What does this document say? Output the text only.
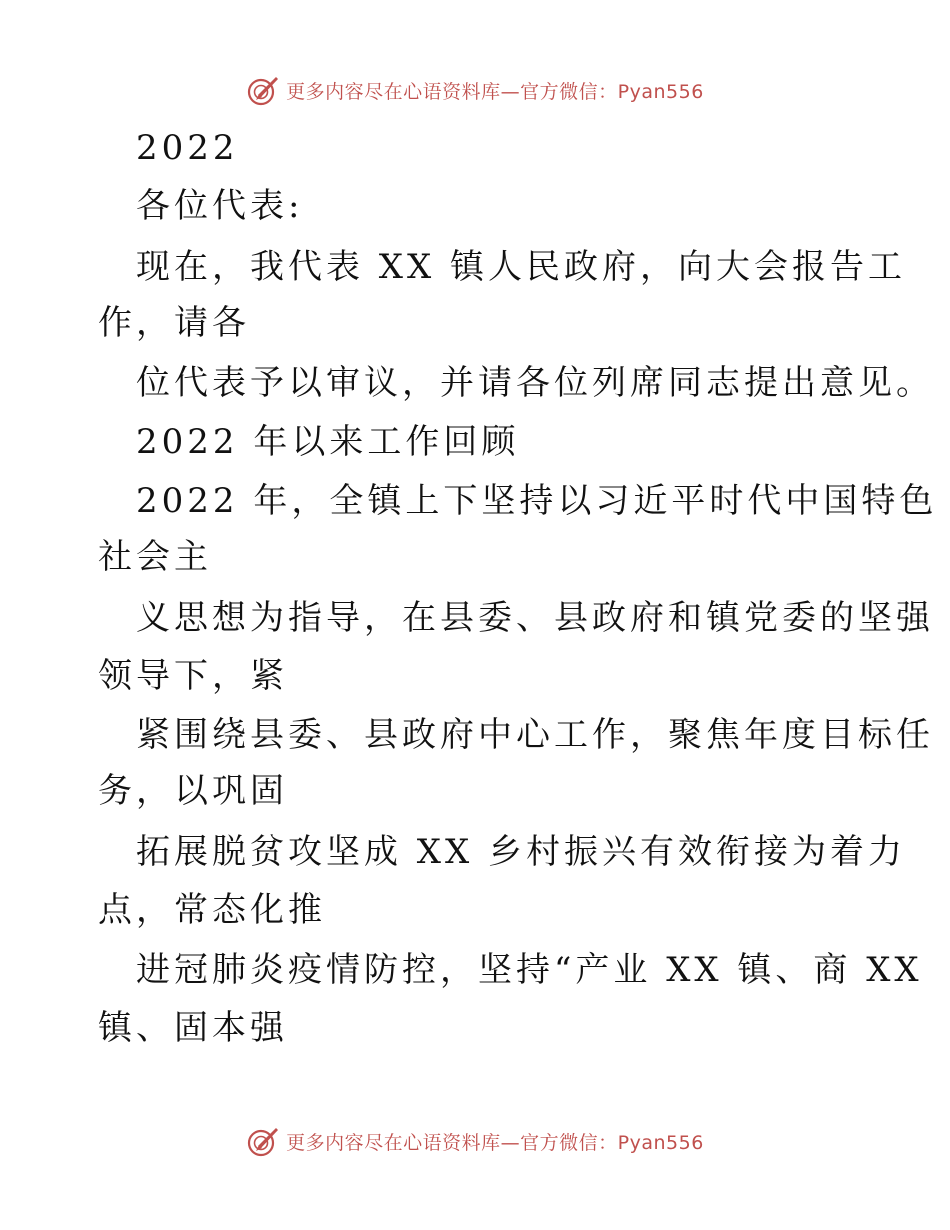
更多内容尽在心语资料库—官方微信：Pyan556
2022
各位代表:
现在，我代表 XX 镇人民政府，向大会报告工
作，请各
位代表予以审议，并请各位列席同志提出意见。
2022 年以来工作回顾
2022 年，全镇上下坚持以习近平时代中国特色
社会主
义思想为指导，在县委、县政府和镇党委的坚强
领导下，紧
紧围绕县委、县政府中心工作，聚焦年度目标任
务，以巩固
拓展脱贫攻坚成 XX 乡村振兴有效衔接为着力
点，常态化推
进冠肺炎疫情防控，坚持“产业 XX 镇、商 XX
镇、固本强
更多内容尽在心语资料库—官方微信：Pyan556
